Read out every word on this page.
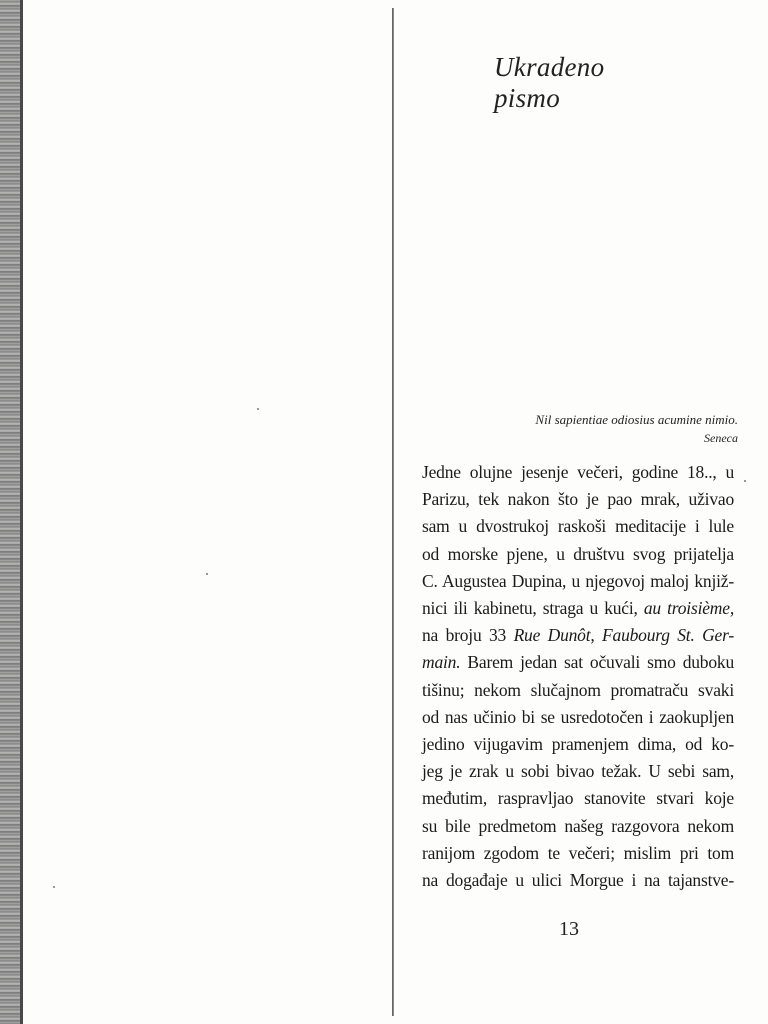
Ukradeno pismo
Nil sapientiae odiosius acumine nimio.
Seneca
Jedne olujne jesenje večeri, godine 18.., u
Parizu, tek nakon što je pao mrak, uživao
sam u dvostrukoj raskoši meditacije i lule
od morske pjene, u društvu svog prijatelja
C. Augustea Dupina, u njegovoj maloj knjiž-
nici ili kabinetu, straga u kući, au troisième,
na broju 33 Rue Dunôt, Faubourg St. Ger-
main. Barem jedan sat očuvali smo duboku
tišinu; nekom slučajnom promatraču svaki
od nas učinio bi se usredotočen i zaokupljen
jedino vijugavim pramenjem dima, od ko-
jeg je zrak u sobi bivao težak. U sebi sam,
međutim, raspravljao stanovite stvari koje
su bile predmetom našeg razgovora nekom
ranijom zgodom te večeri; mislim pri tom
na događaje u ulici Morgue i na tajanstve-
13
